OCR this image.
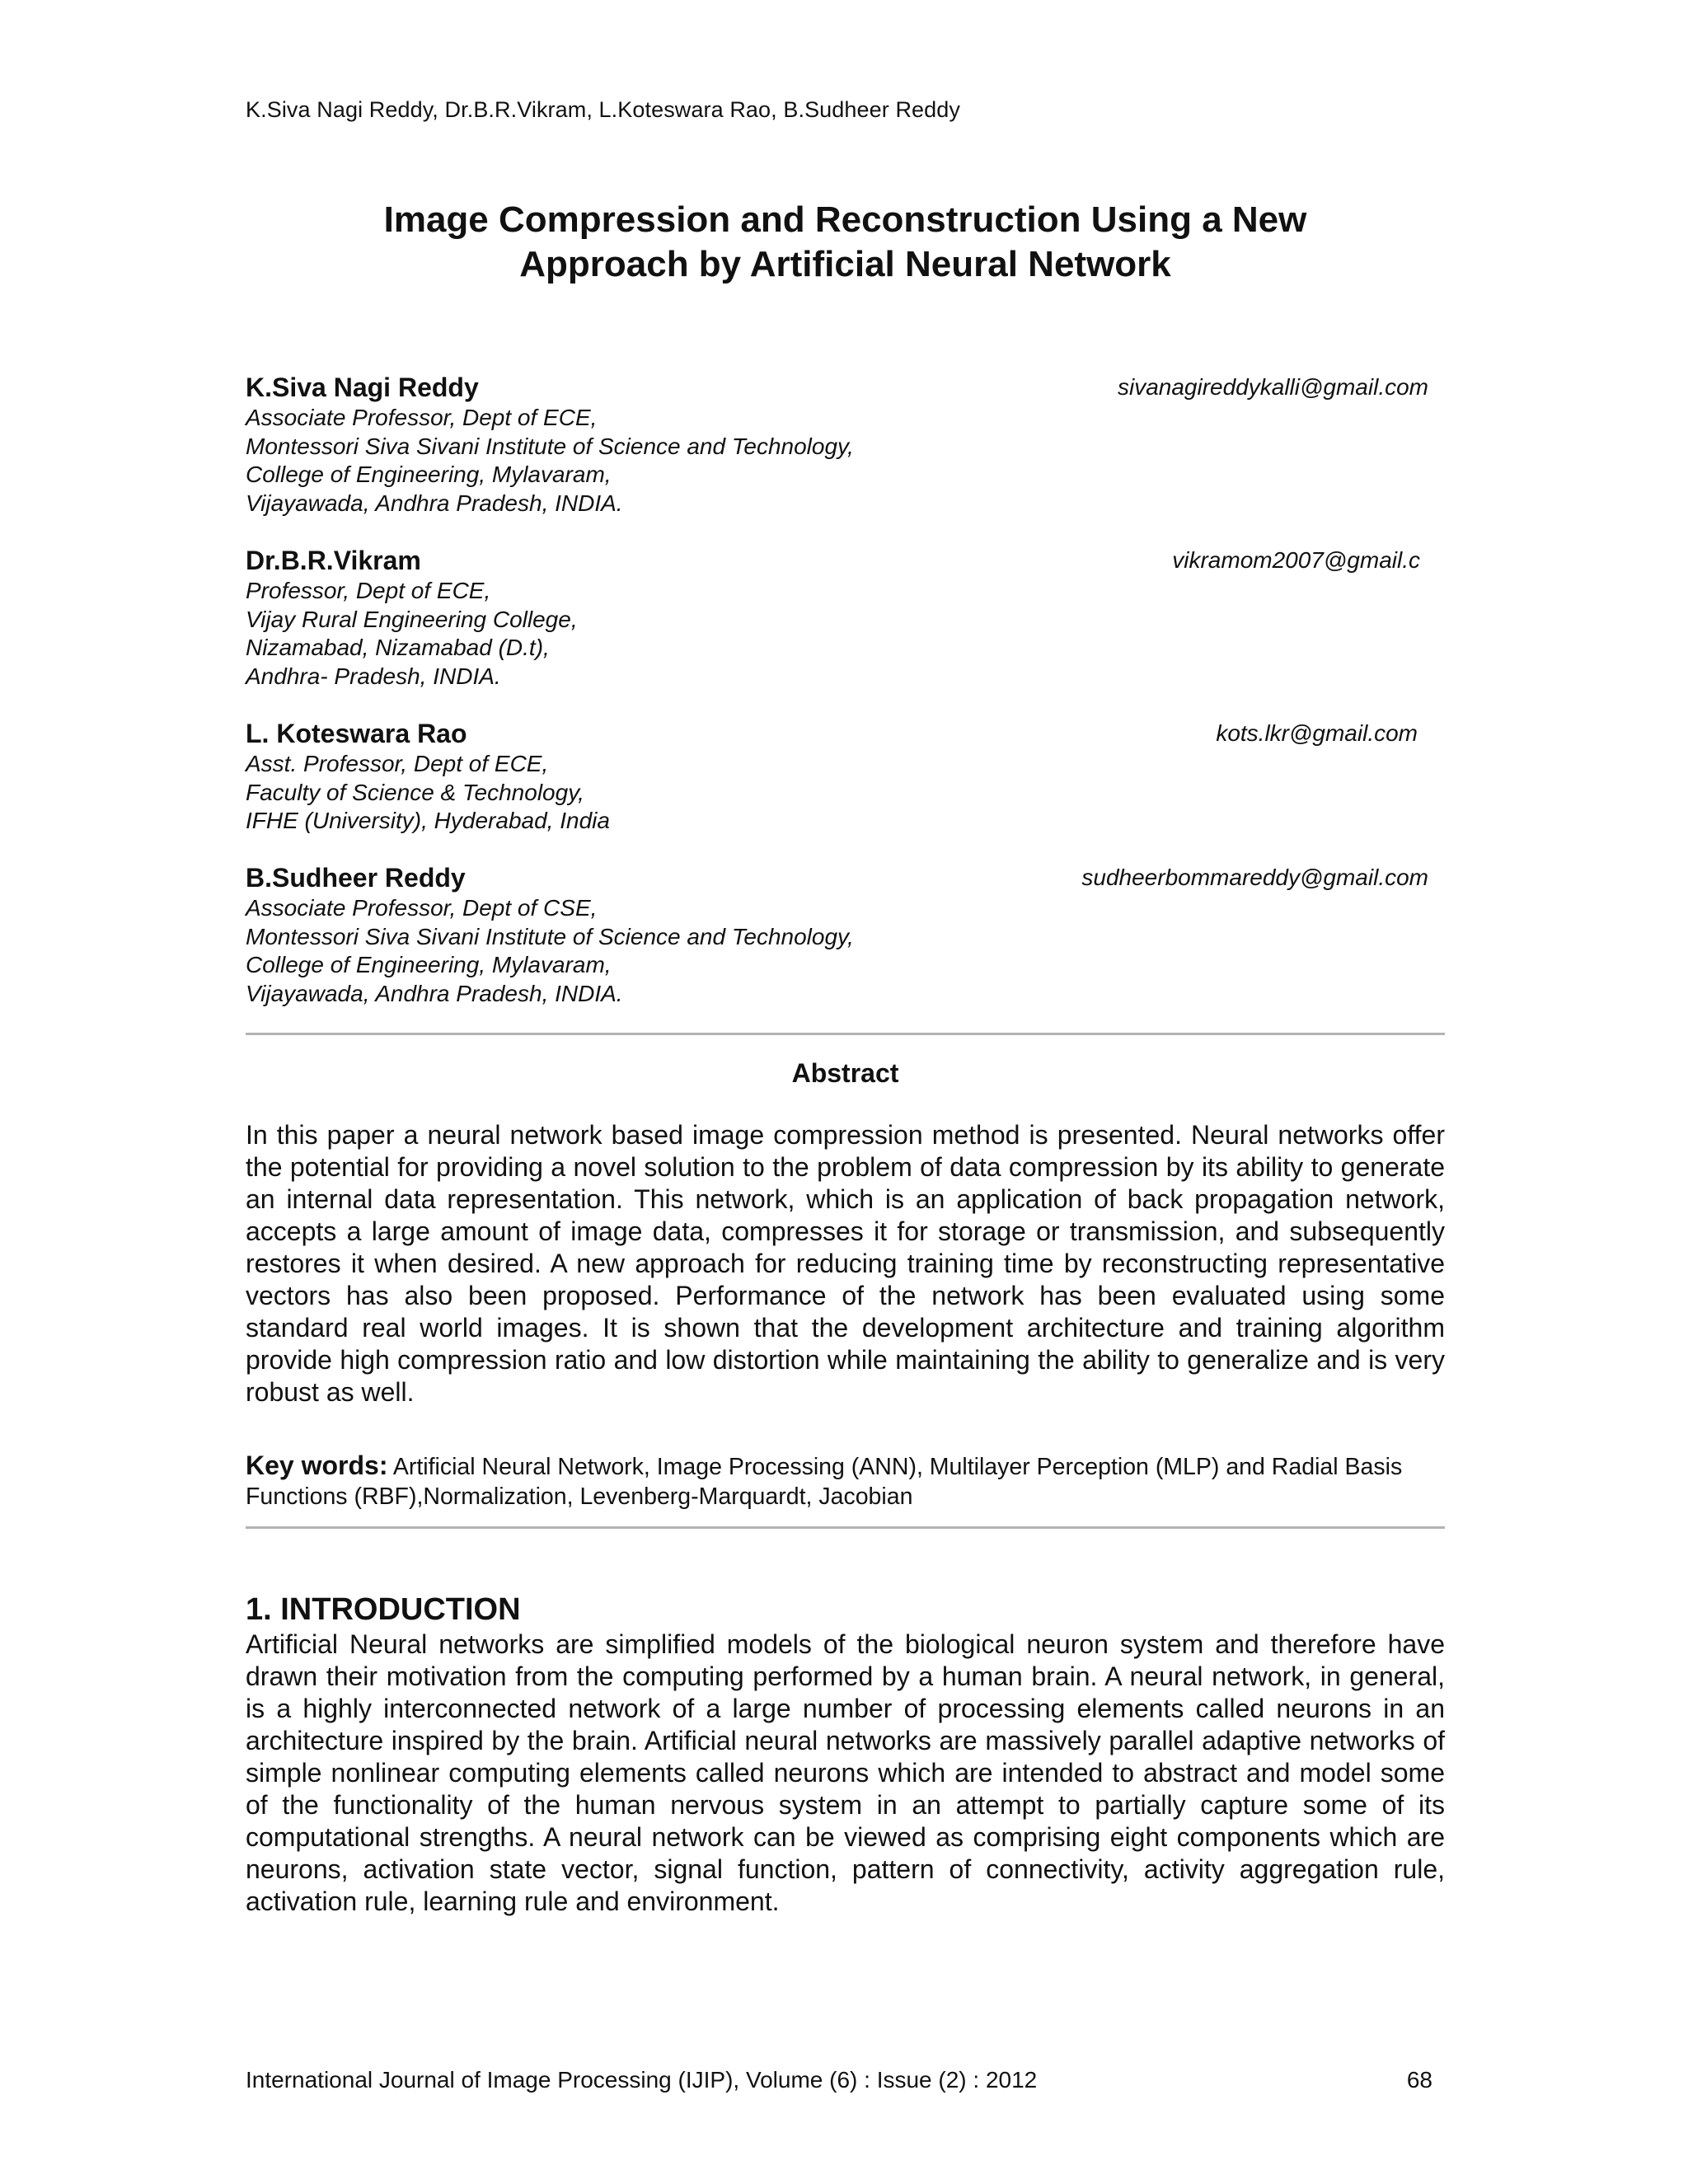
K.Siva Nagi Reddy, Dr.B.R.Vikram, L.Koteswara Rao, B.Sudheer Reddy
Image Compression and Reconstruction Using a New
Approach by Artificial Neural Network
K.Siva Nagi Reddy	sivanagireddykalli@gmail.com
Associate Professor, Dept of ECE,
Montessori Siva Sivani Institute of Science and Technology,
College of Engineering, Mylavaram,
Vijayawada, Andhra Pradesh, INDIA.
Dr.B.R.Vikram	vikramom2007@gmail.c
Professor, Dept of ECE,
Vijay Rural Engineering College,
Nizamabad, Nizamabad (D.t),
Andhra- Pradesh, INDIA.
L. Koteswara Rao	kots.lkr@gmail.com
Asst. Professor, Dept of ECE,
Faculty of Science & Technology,
IFHE (University), Hyderabad, India
B.Sudheer Reddy	sudheerbommareddy@gmail.com
Associate Professor, Dept of CSE,
Montessori Siva Sivani Institute of Science and Technology,
College of Engineering, Mylavaram,
Vijayawada, Andhra Pradesh, INDIA.
Abstract
In this paper a neural network based image compression method is presented. Neural networks offer the potential for providing a novel solution to the problem of data compression by its ability to generate an internal data representation. This network, which is an application of back propagation network, accepts a large amount of image data, compresses it for storage or transmission, and subsequently restores it when desired. A new approach for reducing training time by reconstructing representative vectors has also been proposed. Performance of the network has been evaluated using some standard real world images. It is shown that the development architecture and training algorithm provide high compression ratio and low distortion while maintaining the ability to generalize and is very robust as well.
Key words: Artificial Neural Network, Image Processing (ANN), Multilayer Perception (MLP) and Radial Basis Functions (RBF),Normalization, Levenberg-Marquardt, Jacobian
1. INTRODUCTION
Artificial Neural networks are simplified models of the biological neuron system and therefore have drawn their motivation from the computing performed by a human brain. A neural network, in general, is a highly interconnected network of a large number of processing elements called neurons in an architecture inspired by the brain. Artificial neural networks are massively parallel adaptive networks of simple nonlinear computing elements called neurons which are intended to abstract and model some of the functionality of the human nervous system in an attempt to partially capture some of its computational strengths. A neural network can be viewed as comprising eight components which are neurons, activation state vector, signal function, pattern of connectivity, activity aggregation rule, activation rule, learning rule and environment.
International Journal of Image Processing (IJIP), Volume (6) : Issue (2) : 2012	68
